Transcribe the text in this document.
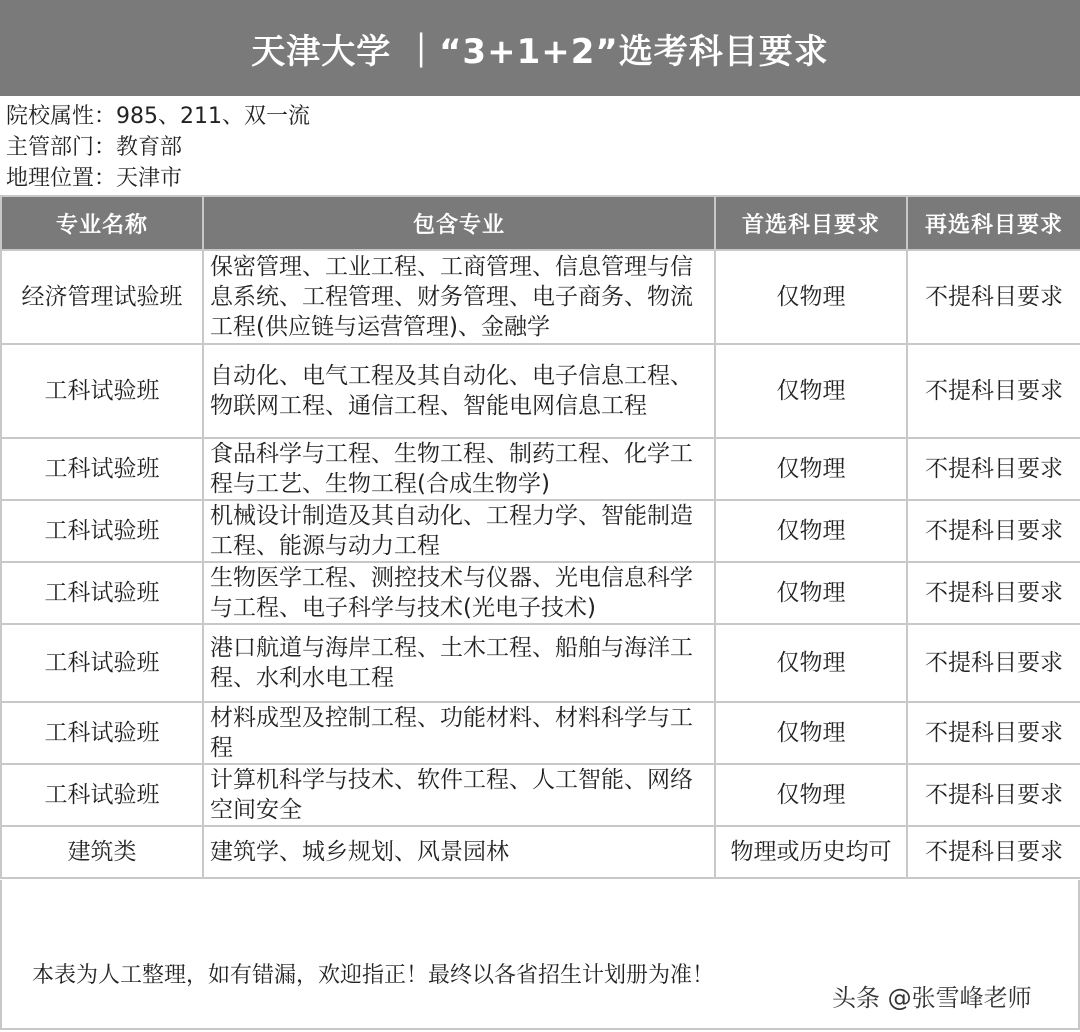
天津大学 ｜“3+1+2”选考科目要求
院校属性：985、211、双一流
主管部门：教育部
地理位置：天津市
专业名称	包含专业	首选科目要求	再选科目要求
经济管理试验班	保密管理、工业工程、工商管理、信息管理与信息系统、工程管理、财务管理、电子商务、物流工程(供应链与运营管理)、金融学	仅物理	不提科目要求
工科试验班	自动化、电气工程及其自动化、电子信息工程、物联网工程、通信工程、智能电网信息工程	仅物理	不提科目要求
工科试验班	食品科学与工程、生物工程、制药工程、化学工程与工艺、生物工程(合成生物学)	仅物理	不提科目要求
工科试验班	机械设计制造及其自动化、工程力学、智能制造工程、能源与动力工程	仅物理	不提科目要求
工科试验班	生物医学工程、测控技术与仪器、光电信息科学与工程、电子科学与技术(光电子技术)	仅物理	不提科目要求
工科试验班	港口航道与海岸工程、土木工程、船舶与海洋工程、水利水电工程	仅物理	不提科目要求
工科试验班	材料成型及控制工程、功能材料、材料科学与工程	仅物理	不提科目要求
工科试验班	计算机科学与技术、软件工程、人工智能、网络空间安全	仅物理	不提科目要求
建筑类	建筑学、城乡规划、风景园林	物理或历史均可	不提科目要求
本表为人工整理，如有错漏，欢迎指正！最终以各省招生计划册为准！
头条 @张雪峰老师
